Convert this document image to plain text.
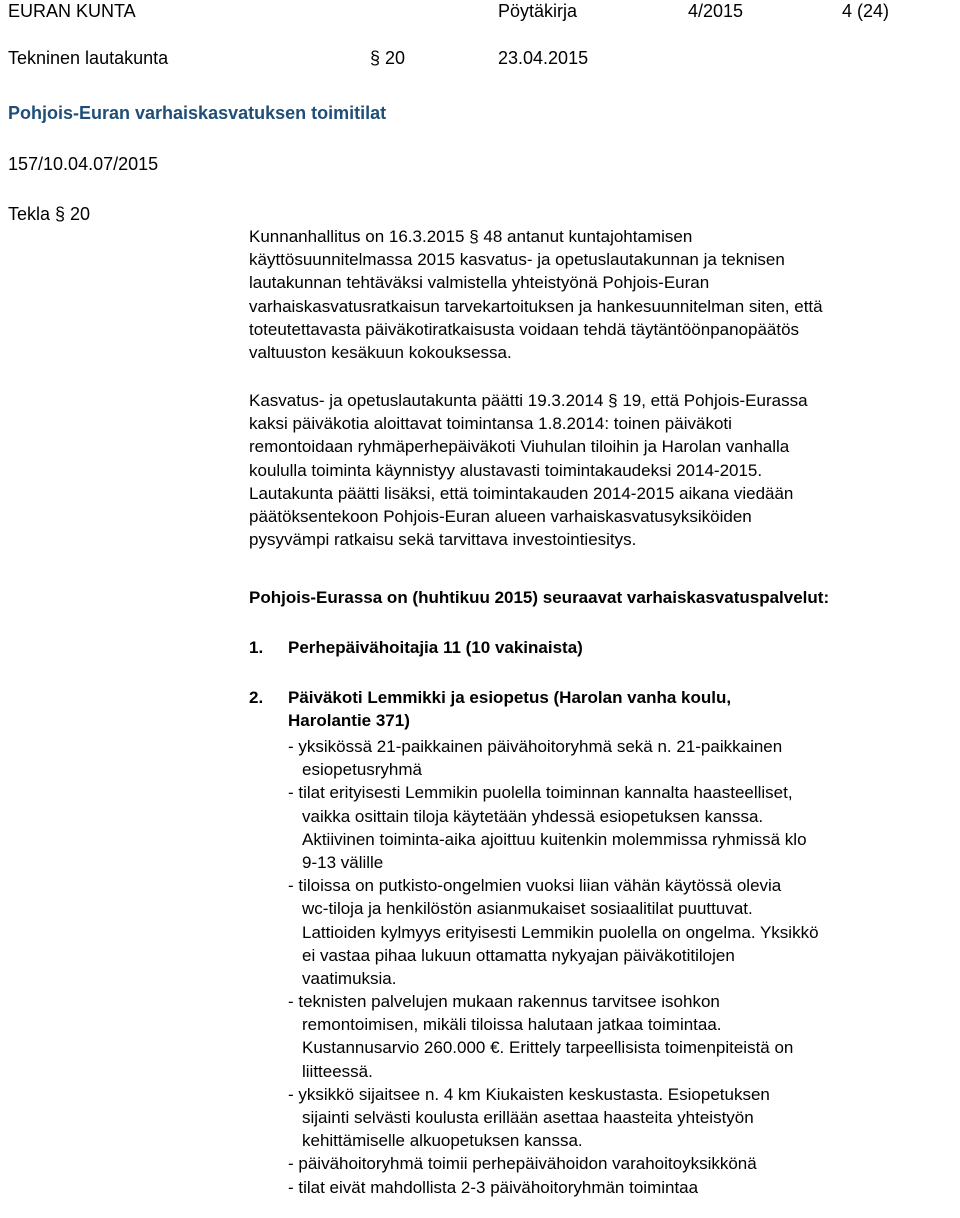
EURAN KUNTA	Pöytäkirja	4/2015	4 (24)
Tekninen lautakunta	§ 20	23.04.2015
Pohjois-Euran varhaiskasvatuksen toimitilat
157/10.04.07/2015
Tekla § 20
Kunnanhallitus on 16.3.2015 § 48 antanut kuntajohtamisen
käyttösuunnitelmassa 2015 kasvatus- ja opetuslautakunnan ja teknisen
lautakunnan tehtäväksi valmistella yhteistyönä Pohjois-Euran
varhaiskasvatusratkaisun tarvekartoituksen ja hankesuunnitelman siten, että
toteutettavasta päiväkotiratkaisusta voidaan tehdä täytäntöönpanopäätös
valtuuston kesäkuun kokouksessa.
Kasvatus- ja opetuslautakunta päätti 19.3.2014 § 19, että Pohjois-Eurassa
kaksi päiväkotia aloittavat toimintansa 1.8.2014: toinen päiväkoti
remontoidaan ryhmäperhepäiväkoti Viuhulan tiloihin ja Harolan vanhalla
koululla toiminta käynnistyy alustavasti toimintakaudeksi 2014-2015.
Lautakunta päätti lisäksi, että toimintakauden 2014-2015 aikana viedään
päätöksentekoon Pohjois-Euran alueen varhaiskasvatusyksiköiden
pysyvämpi ratkaisu sekä tarvittava investointiesitys.
Pohjois-Eurassa on (huhtikuu 2015) seuraavat varhaiskasvatuspalvelut:
1. Perhepäivähoitajia 11 (10 vakinaista)
2. Päiväkoti Lemmikki ja esiopetus (Harolan vanha koulu,
Harolantie 371)
- yksikössä 21-paikkainen päivähoitoryhmä sekä n. 21-paikkainen
esiopetusryhmä
- tilat erityisesti Lemmikin puolella toiminnan kannalta haasteelliset,
vaikka osittain tiloja käytetään yhdessä esiopetuksen kanssa.
Aktiivinen toiminta-aika ajoittuu kuitenkin molemmissa ryhmissä klo
9-13 välille
- tiloissa on putkisto-ongelmien vuoksi liian vähän käytössä olevia
wc-tiloja ja henkilöstön asianmukaiset sosiaalitilat puuttuvat.
Lattioiden kylmyys erityisesti Lemmikin puolella on ongelma. Yksikkö
ei vastaa pihaa lukuun ottamatta nykyajan päiväkotitilojen
vaatimuksia.
- teknisten palvelujen mukaan rakennus tarvitsee isohkon
remontoimisen, mikäli tiloissa halutaan jatkaa toimintaa.
Kustannusarvio 260.000 €. Erittely tarpeellisista toimenpiteistä on
liitteessä.
- yksikkö sijaitsee n. 4 km Kiukaisten keskustasta. Esiopetuksen
sijainti selvästi koulusta erillään asettaa haasteita yhteistyön
kehittämiselle alkuopetuksen kanssa.
- päivähoitoryhmä toimii perhepäivähoidon varahoitoyksikkönä
- tilat eivät mahdollista 2-3 päivähoitoryhmän toimintaa
